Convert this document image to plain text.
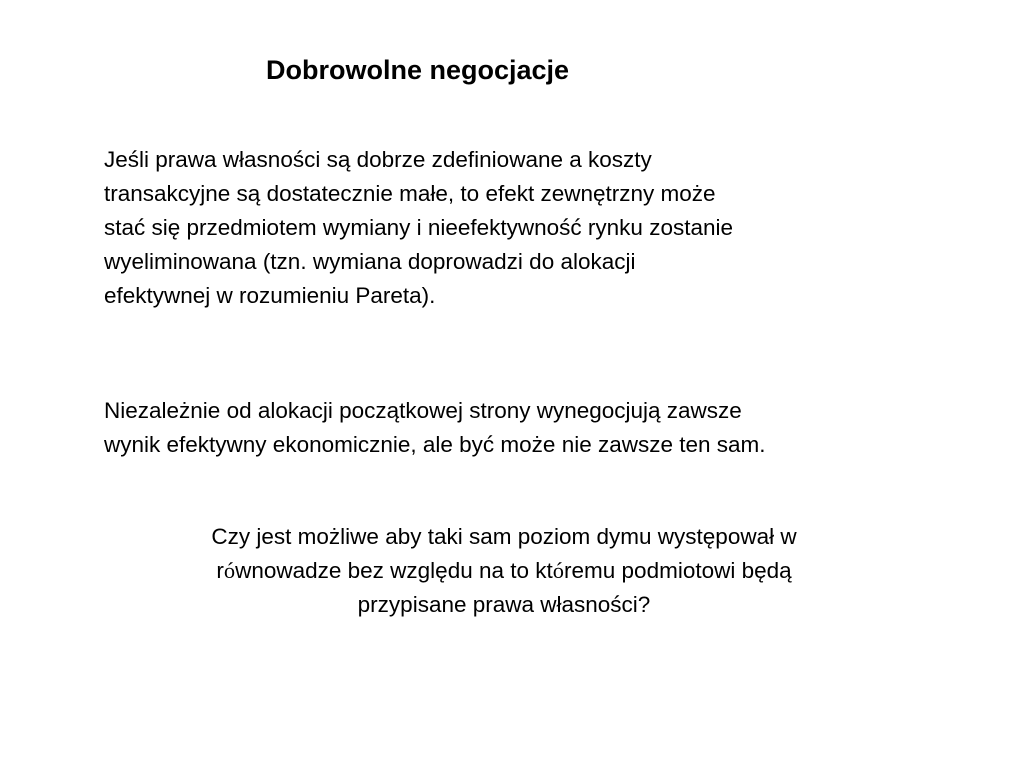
Dobrowolne negocjacje

Jeśli prawa własności są dobrze zdefiniowane a koszty
transakcyjne są dostatecznie małe, to efekt zewnętrzny może
stać się przedmiotem wymiany i nieefektywność rynku zostanie
wyeliminowana (tzn. wymiana doprowadzi do alokacji
efektywnej w rozumieniu Pareta).

Niezależnie od alokacji początkowej strony wynegocjują zawsze
wynik efektywny ekonomicznie, ale być może nie zawsze ten sam.

Czy jest możliwe aby taki sam poziom dymu występował w
równowadze bez względu na to któremu podmiotowi będą
przypisane prawa własności?
